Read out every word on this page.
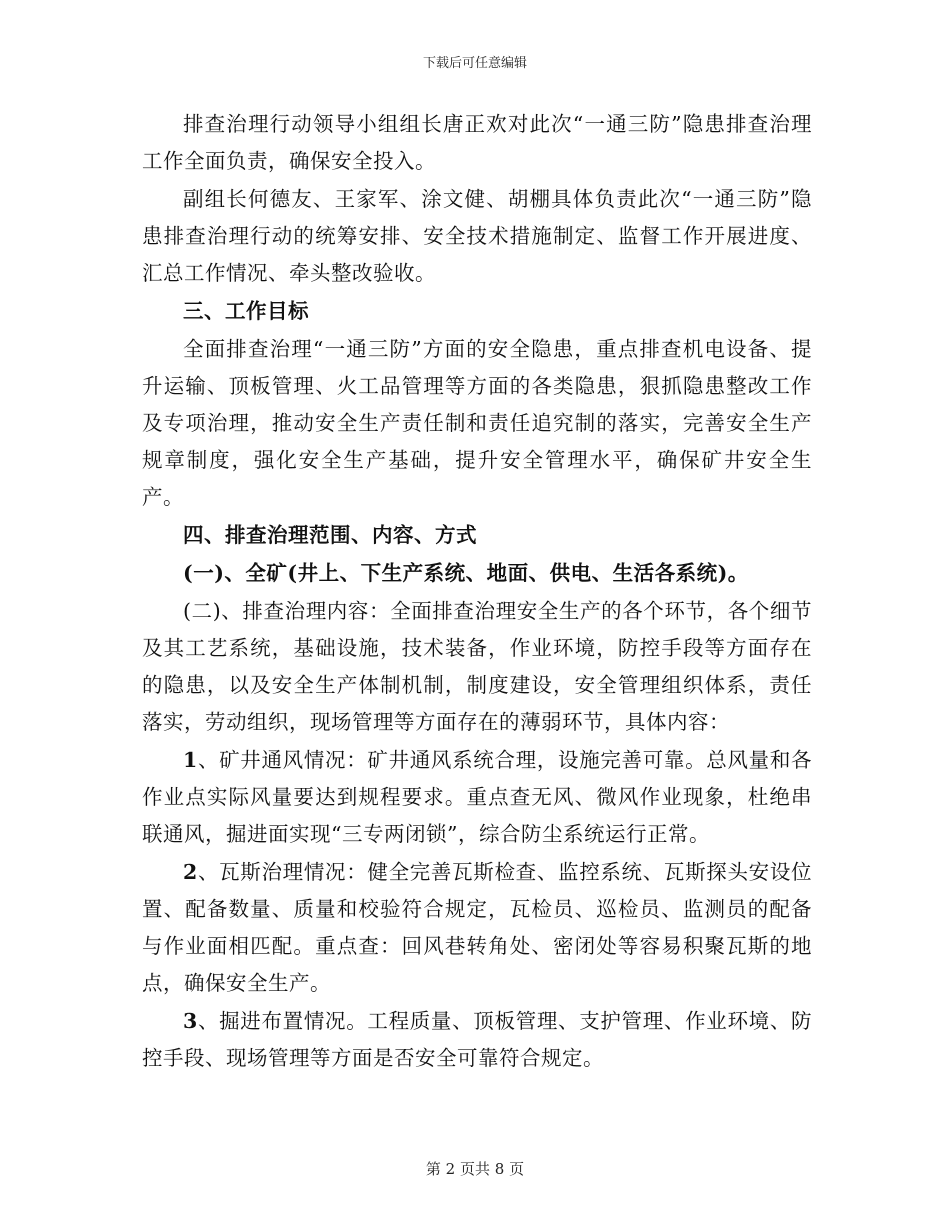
下载后可任意编辑

排查治理行动领导小组组长唐正欢对此次“一通三防”隐患排查治理工作全面负责，确保安全投入。

副组长何德友、王家军、涂文健、胡棚具体负责此次“一通三防”隐患排查治理行动的统筹安排、安全技术措施制定、监督工作开展进度、汇总工作情况、牵头整改验收。

三、工作目标

全面排查治理“一通三防”方面的安全隐患，重点排查机电设备、提升运输、顶板管理、火工品管理等方面的各类隐患，狠抓隐患整改工作及专项治理，推动安全生产责任制和责任追究制的落实，完善安全生产规章制度，强化安全生产基础，提升安全管理水平，确保矿井安全生产。

四、排查治理范围、内容、方式

(一)、全矿(井上、下生产系统、地面、供电、生活各系统)。

(二)、排查治理内容：全面排查治理安全生产的各个环节，各个细节及其工艺系统，基础设施，技术装备，作业环境，防控手段等方面存在的隐患，以及安全生产体制机制，制度建设，安全管理组织体系，责任落实，劳动组织，现场管理等方面存在的薄弱环节，具体内容：

1、矿井通风情况：矿井通风系统合理，设施完善可靠。总风量和各作业点实际风量要达到规程要求。重点查无风、微风作业现象，杜绝串联通风，掘进面实现“三专两闭锁”，综合防尘系统运行正常。

2、瓦斯治理情况：健全完善瓦斯检查、监控系统、瓦斯探头安设位置、配备数量、质量和校验符合规定，瓦检员、巡检员、监测员的配备与作业面相匹配。重点查：回风巷转角处、密闭处等容易积聚瓦斯的地点，确保安全生产。

3、掘进布置情况。工程质量、顶板管理、支护管理、作业环境、防控手段、现场管理等方面是否安全可靠符合规定。

第 2 页共 8 页
